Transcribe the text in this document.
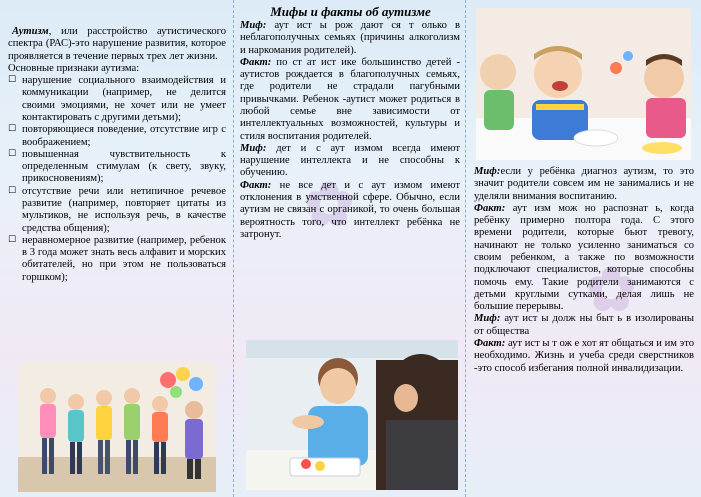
Аутизм, или расстройство аутистического спектра (РАС)-это нарушение развития, которое проявляется в течение первых трех лет жизни.

Основные признаки аутизма:

☐ нарушение социального взаимодействия и коммуникации (например, не делится своими эмоциями, не хочет или не умеет контактировать с другими детьми);
☐ повторяющиеся поведение, отсутствие игр с воображением;
☐ повышенная чувствительность к определенным стимулам (к свету, звуку, прикосновениям);
☐ отсутствие речи или нетипичное речевое развитие (например, повторяет цитаты из мультиков, не используя речь, в качестве средства общения);
☐ неравномерное развитие (например, ребенок в 3 года может знать весь алфавит и морских обитателей, но при этом не пользоваться горшком);
✿
Мифы и факты об аутизме

Миф: аут ист ы рож дают ся т олько в неблагополучных семьях (причины алкоголизм и наркомания родителей).

Факт: по ст ат ист ике большинство детей - аутистов рождается в благополучных семьях, где родители не страдали пагубными привычками. Ребенок -аутист может родиться в любой семье вне зависимости от интеллектуальных возможностей, культуры и стиля воспитания родителей.

Миф: дет и с аут измом всегда имеют нарушение интеллекта и не способны к обучению.

Факт: не все дет и с аут измом имеют отклонения в умственной сфере. Обычно, если аутизм не связан с органикой, то очень большая вероятность того, что интеллект ребёнка не затронут.

✿

Миф:если у ребёнка диагноз аутизм, то это значит родители совсем им не занимались и не уделяли внимания воспитанию.

Факт: аут изм мож но распознат ь, когда ребёнку примерно полтора года. С этого времени родители, которые бьют тревогу, начинают не только усиленно заниматься со своим ребенком, а также по возможности подключают специалистов, которые способны помочь ему. Такие родители занимаются с детьми круглыми сутками, делая лишь не большие перерывы.

Миф: аут ист ы долж ны быт ь в изолированы от общества

Факт: аут ист ы т ож е хот ят общаться и им это необходимо. Жизнь и учеба среди сверстников -это способ избегания полной инвалидизации.
